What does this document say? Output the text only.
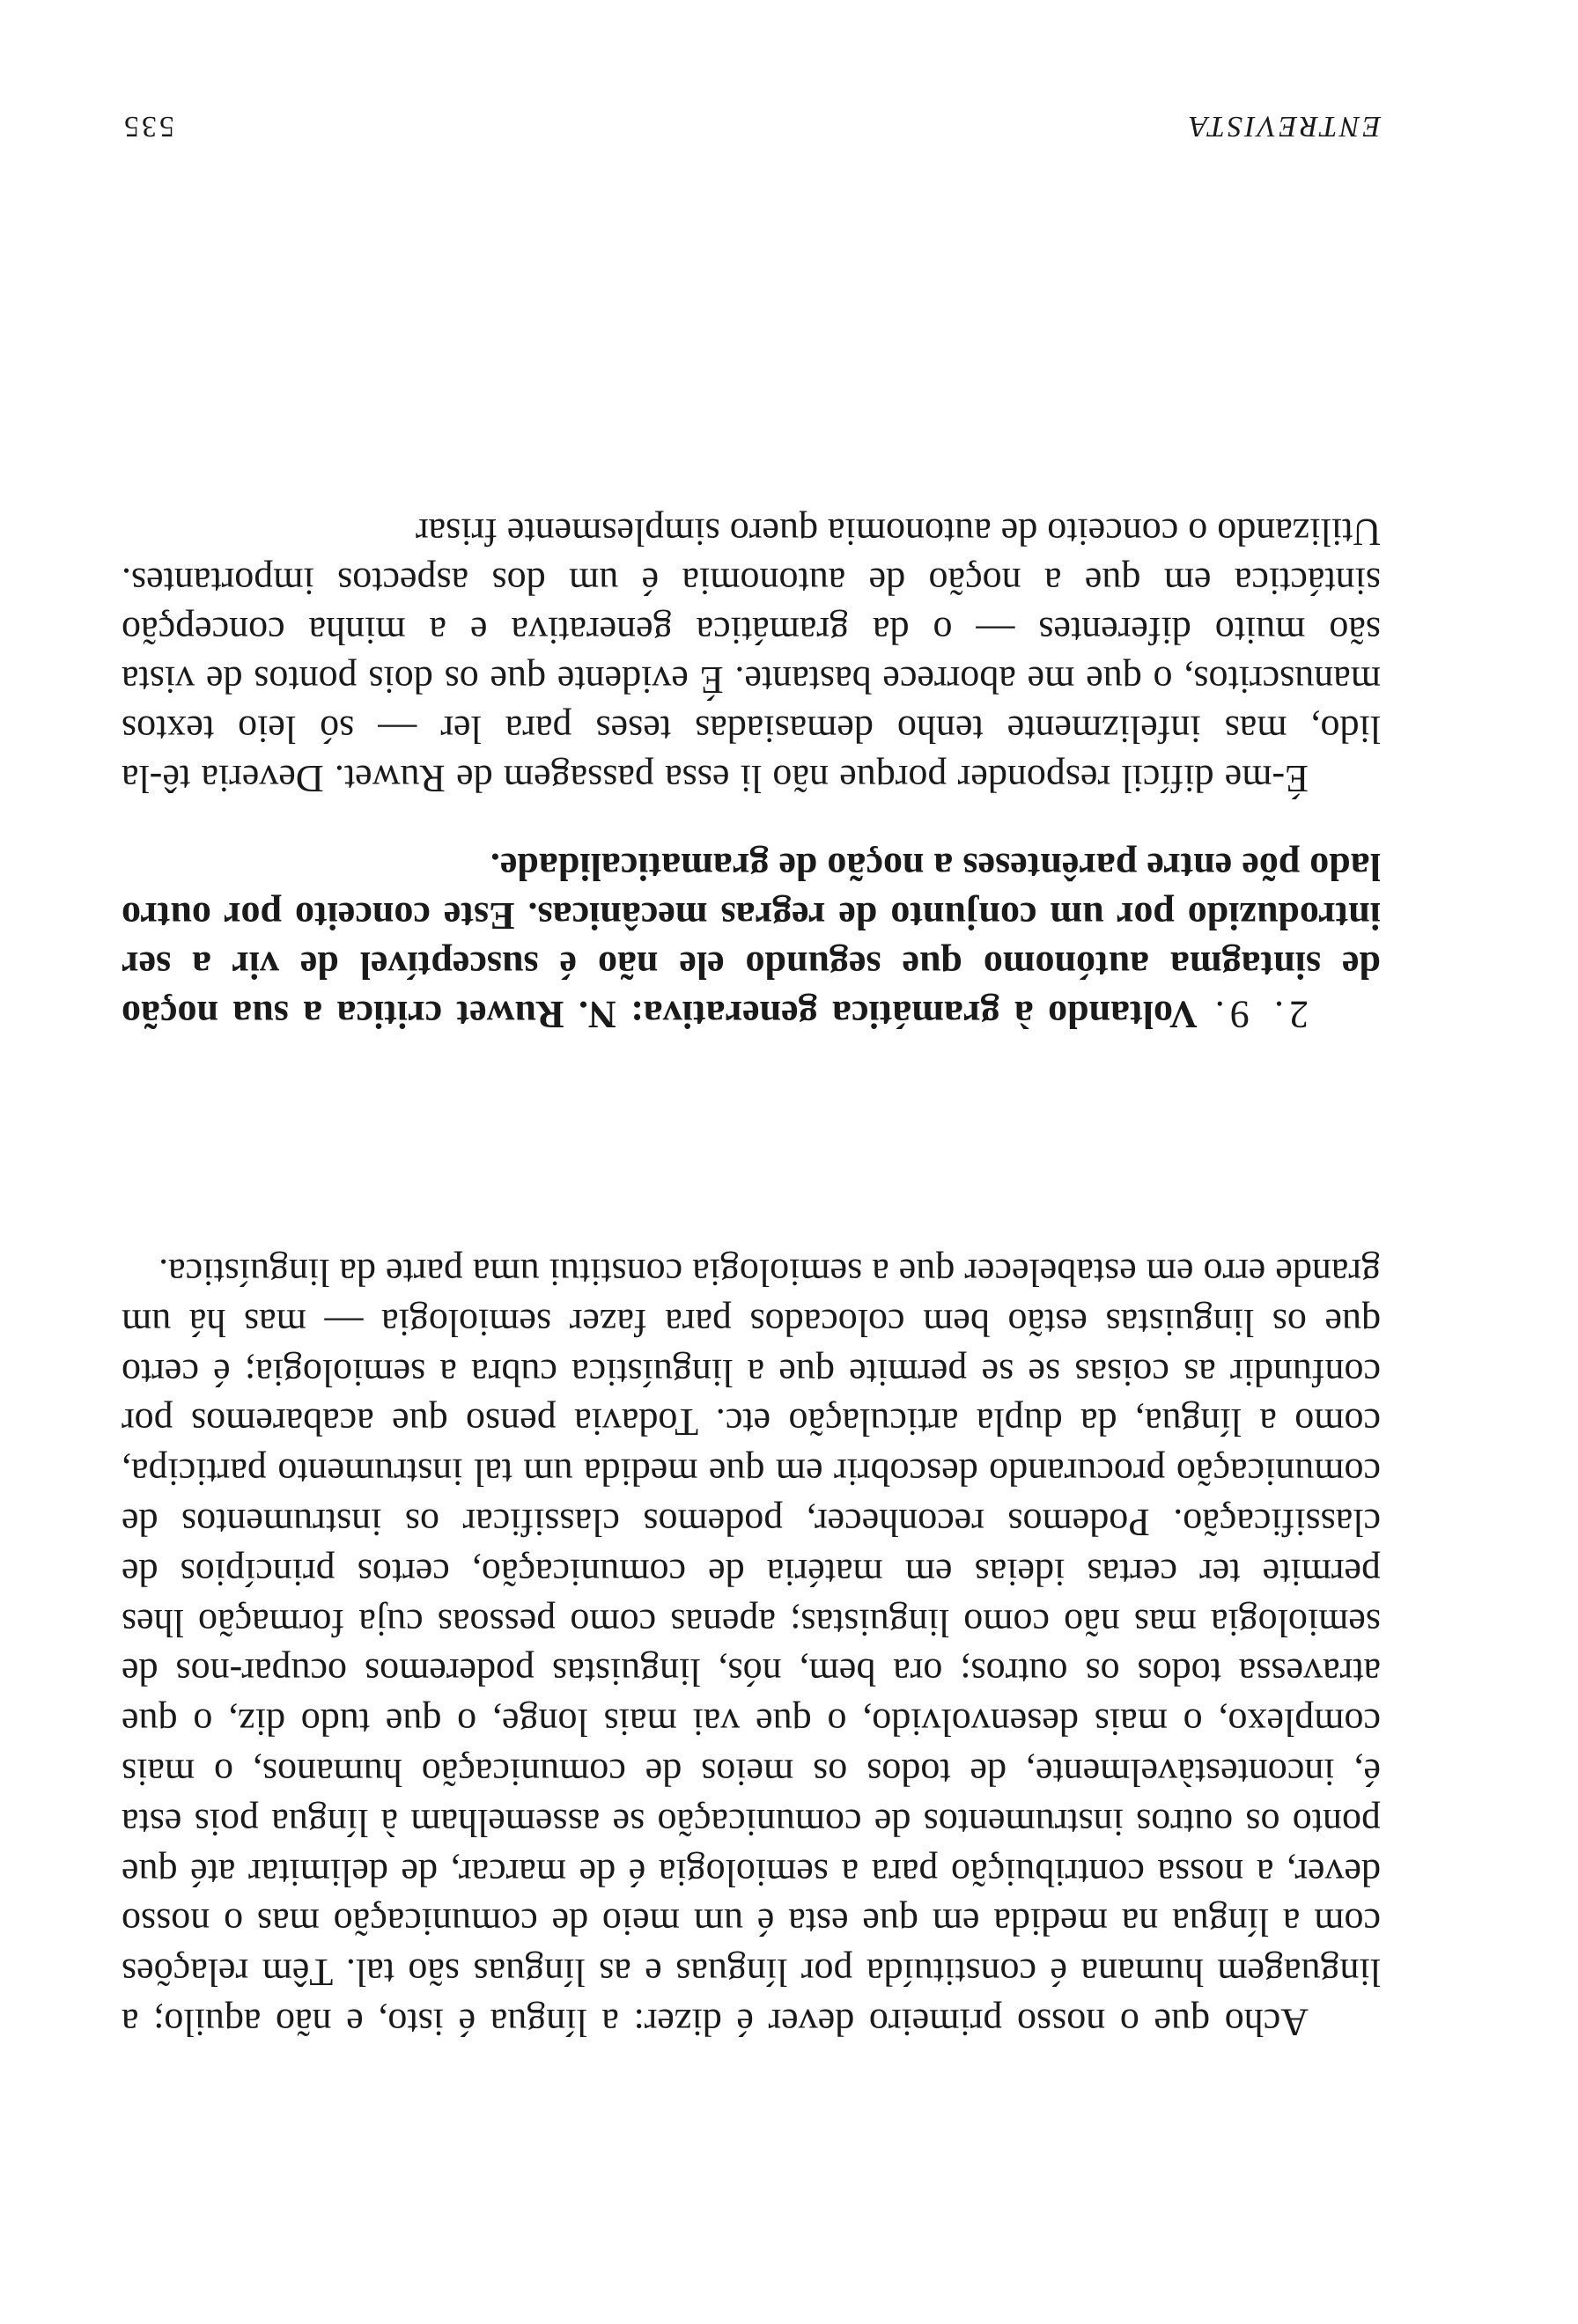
ENTREVISTA
535

Acho que o nosso primeiro dever é dizer: a língua é isto, e não aquilo; a linguagem humana é constituída por línguas e as línguas são tal. Têm relações com a língua na medida em que esta é um meio de comunicação mas o nosso dever, a nossa contribuição para a semiologia é de marcar, de delimitar até que ponto os outros instrumentos de comunicação se assemelham à língua pois esta é, incontestàvelmente, de todos os meios de comunicação humanos, o mais complexo, o mais desenvolvido, o que vai mais longe, o que tudo diz, o que atravessa todos os outros; ora bem, nós, linguistas poderemos ocupar-nos de semiologia mas não como linguistas; apenas como pessoas cuja formação lhes permite ter certas ideias em matéria de comunicação, certos princípios de classificação. Podemos reconhecer, podemos classificar os instrumentos de comunicação procurando descobrir em que medida um tal instrumento participa, como a língua, da dupla articulação etc. Todavia penso que acabaremos por confundir as coisas se se permite que a linguística cubra a semiologia; é certo que os linguistas estão bem colocados para fazer semiologia — mas há um grande erro em estabelecer que a semiologia constitui uma parte da linguística.

2. 9.Voltando à gramática generativa: N. Ruwet critica a sua noção de sintagma autónomo que segundo ele não é susceptível de vir a ser introduzido por um conjunto de regras mecânicas. Este conceito por outro lado põe entre parênteses a noção de gramaticalidade.

É-me difícil responder porque não li essa passagem de Ruwet. Deveria tê-la lido, mas infelizmente tenho demasiadas teses para ler — só leio textos manuscritos, o que me aborrece bastante. É evidente que os dois pontos de vista são muito diferentes — o da gramática generativa e a minha concepção sintáctica em que a noção de autonomia é um dos aspectos importantes. Utilizando o conceito de autonomia quero simplesmente frisar
